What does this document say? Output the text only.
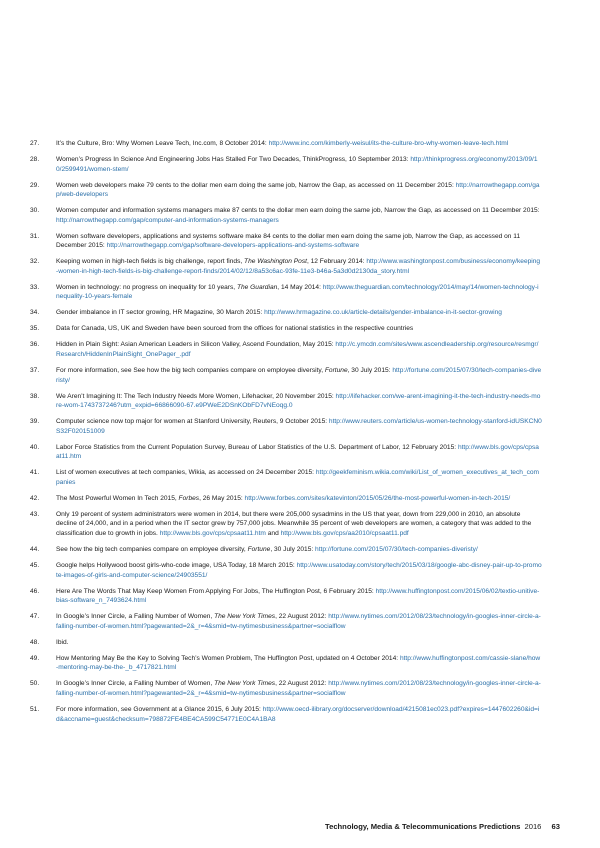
27.	It’s the Culture, Bro: Why Women Leave Tech, Inc.com, 8 October 2014: http://www.inc.com/kimberly-weisul/its-the-culture-bro-why-women-leave-tech.html
28.	Women’s Progress In Science And Engineering Jobs Has Stalled For Two Decades, ThinkProgress, 10 September 2013: http://thinkprogress.org/economy/2013/09/10/2599491/women-stem/
29.	Women web developers make 79 cents to the dollar men earn doing the same job, Narrow the Gap, as accessed on 11 December 2015: http://narrowthegapp.com/gap/web-developers
30.	Women computer and information systems managers make 87 cents to the dollar men earn doing the same job, Narrow the Gap, as accessed on 11 December 2015: http://narrowthegapp.com/gap/computer-and-information-systems-managers
31.	Women software developers, applications and systems software make 84 cents to the dollar men earn doing the same job, Narrow the Gap, as accessed on 11 December 2015: http://narrowthegapp.com/gap/software-developers-applications-and-systems-software
32.	Keeping women in high-tech fields is big challenge, report finds, The Washington Post, 12 February 2014: http://www.washingtonpost.com/business/economy/keeping-women-in-high-tech-fields-is-big-challenge-report-finds/2014/02/12/8a53c6ac-93fe-11e3-b46a-5a3d0d2130da_story.html
33.	Women in technology: no progress on inequality for 10 years, The Guardian, 14 May 2014: http://www.theguardian.com/technology/2014/may/14/women-technology-inequality-10-years-female
34.	Gender imbalance in IT sector growing, HR Magazine, 30 March 2015: http://www.hrmagazine.co.uk/article-details/gender-imbalance-in-it-sector-growing
35.	Data for Canada, US, UK and Sweden have been sourced from the offices for national statistics in the respective countries
36.	Hidden in Plain Sight: Asian American Leaders in Silicon Valley, Ascend Foundation, May 2015: http://c.ymcdn.com/sites/www.ascendleadership.org/resource/resmgr/Research/HiddenInPlainSight_OnePager_.pdf
37.	For more information, see See how the big tech companies compare on employee diversity, Fortune, 30 July 2015: http://fortune.com/2015/07/30/tech-companies-diveristy/
38.	We Aren’t Imagining It: The Tech Industry Needs More Women, Lifehacker, 20 November 2015: http://lifehacker.com/we-arent-imagining-it-the-tech-industry-needs-more-wom-1743737246?utm_expid=66866090-67.e9PWeE2DSnKObFD7vNEoqg.0
39.	Computer science now top major for women at Stanford University, Reuters, 9 October 2015: http://www.reuters.com/article/us-women-technology-stanford-idUSKCN0S32F020151009
40.	Labor Force Statistics from the Current Population Survey, Bureau of Labor Statistics of the U.S. Department of Labor, 12 February 2015: http://www.bls.gov/cps/cpsaat11.htm
41.	List of women executives at tech companies, Wikia, as accessed on 24 December 2015: http://geekfeminism.wikia.com/wiki/List_of_women_executives_at_tech_companies
42.	The Most Powerful Women In Tech 2015, Forbes, 26 May 2015: http://www.forbes.com/sites/katevinton/2015/05/26/the-most-powerful-women-in-tech-2015/
43.	Only 19 percent of system administrators were women in 2014, but there were 205,000 sysadmins in the US that year, down from 229,000 in 2010, an absolute decline of 24,000, and in a period when the IT sector grew by 757,000 jobs. Meanwhile 35 percent of web developers are women, a category that was added to the classification due to growth in jobs. http://www.bls.gov/cps/cpsaat11.htm and http://www.bls.gov/cps/aa2010/cpsaat11.pdf
44.	See how the big tech companies compare on employee diversity, Fortune, 30 July 2015: http://fortune.com/2015/07/30/tech-companies-diveristy/
45.	Google helps Hollywood boost girls-who-code image, USA Today, 18 March 2015: http://www.usatoday.com/story/tech/2015/03/18/google-abc-disney-pair-up-to-promote-images-of-girls-and-computer-science/24903551/
46.	Here Are The Words That May Keep Women From Applying For Jobs, The Huffington Post, 6 February 2015: http://www.huffingtonpost.com/2015/06/02/textio-unitive-bias-software_n_7493624.html
47.	In Google’s Inner Circle, a Falling Number of Women, The New York Times, 22 August 2012: http://www.nytimes.com/2012/08/23/technology/in-googles-inner-circle-a-falling-number-of-women.html?pagewanted=2&_r=4&smid=tw-nytimesbusiness&partner=socialflow
48.	Ibid.
49.	How Mentoring May Be the Key to Solving Tech’s Women Problem, The Huffington Post, updated on 4 October 2014: http://www.huffingtonpost.com/cassie-slane/how-mentoring-may-be-the-_b_4717821.html
50.	In Google’s Inner Circle, a Falling Number of Women, The New York Times, 22 August 2012: http://www.nytimes.com/2012/08/23/technology/in-googles-inner-circle-a-falling-number-of-women.html?pagewanted=2&_r=4&smid=tw-nytimesbusiness&partner=socialflow
51.	For more information, see Government at a Glance 2015, 6 July 2015: http://www.oecd-ilibrary.org/docserver/download/4215081ec023.pdf?expires=1447602260&id=id&accname=guest&checksum=798872FE4BE4CA599C54771E0C4A1BA8
Technology, Media & Telecommunications Predictions 2016 63
